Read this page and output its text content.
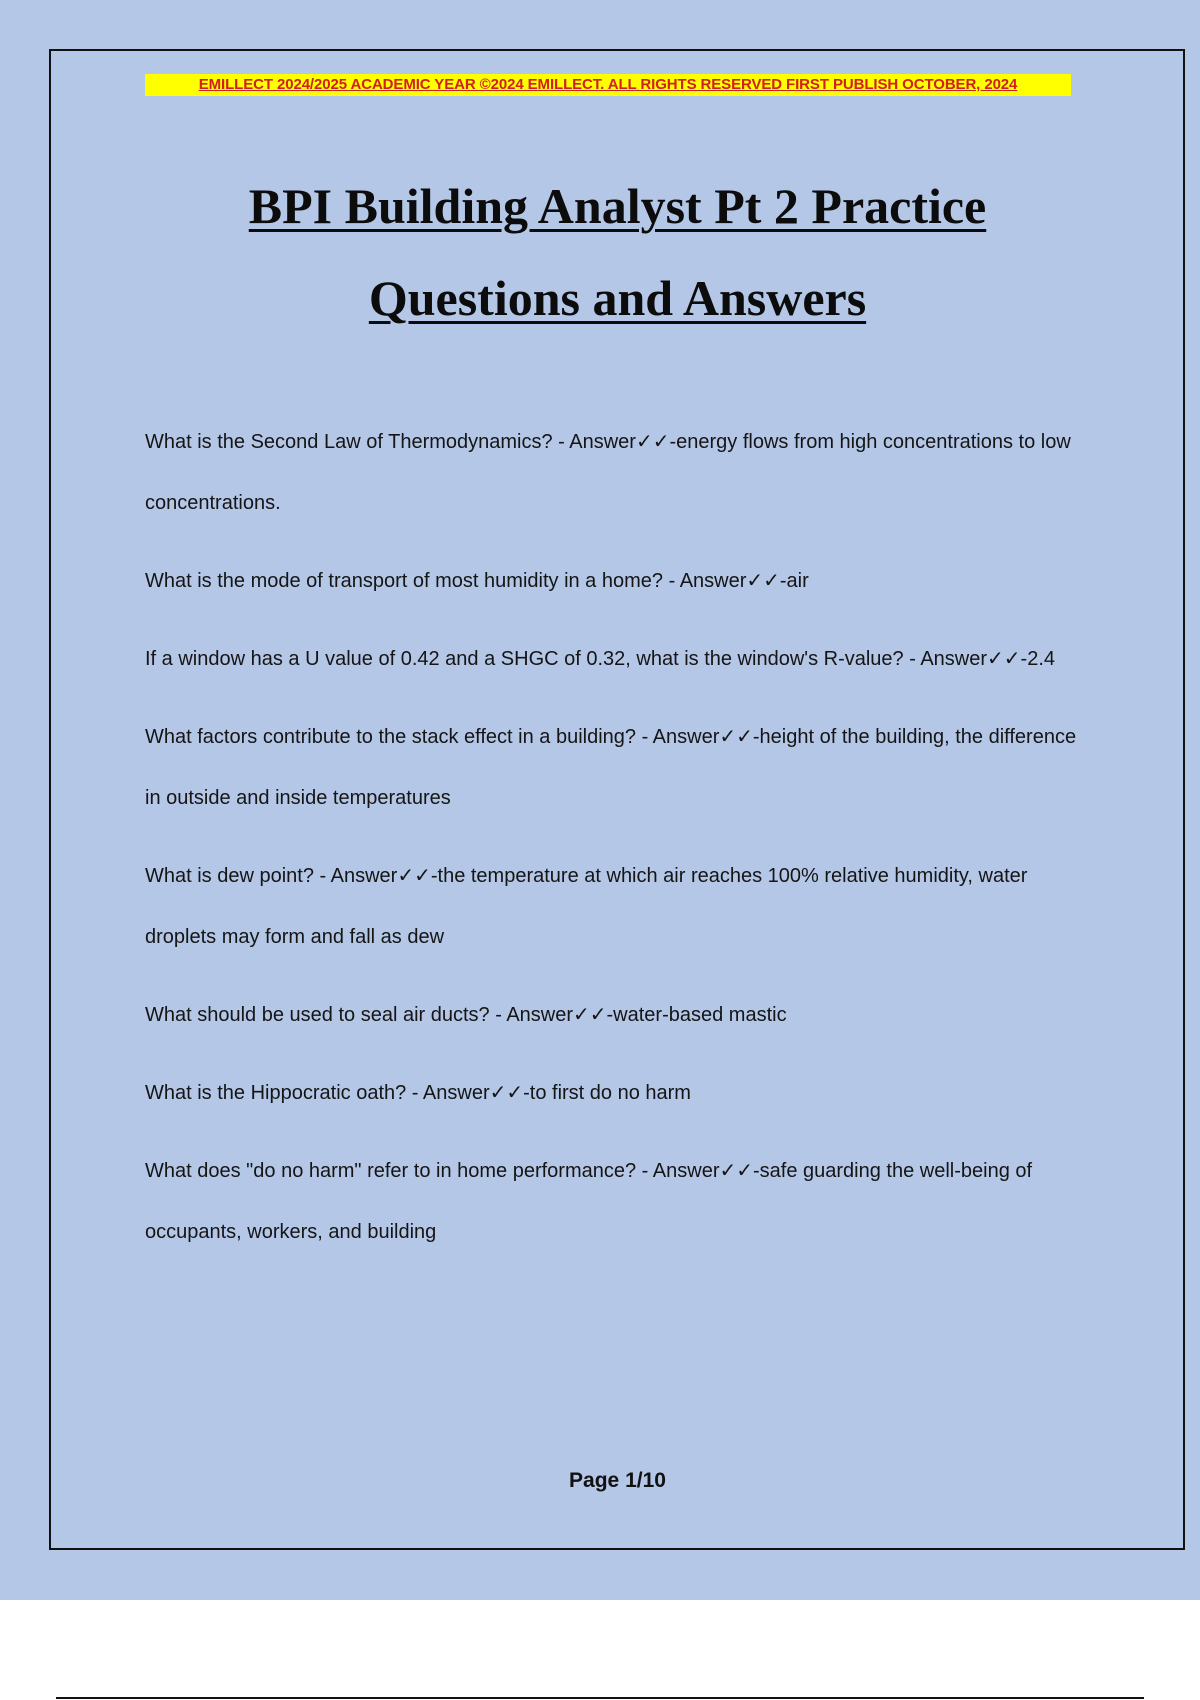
EMILLECT 2024/2025 ACADEMIC YEAR ©2024 EMILLECT. ALL RIGHTS RESERVED FIRST PUBLISH OCTOBER, 2024
BPI Building Analyst Pt 2 Practice
Questions and Answers
What is the Second Law of Thermodynamics? - Answer✓✓-energy flows from high concentrations to low concentrations.
What is the mode of transport of most humidity in a home? - Answer✓✓-air
If a window has a U value of 0.42 and a SHGC of 0.32, what is the window's R-value? - Answer✓✓-2.4
What factors contribute to the stack effect in a building? - Answer✓✓-height of the building, the difference in outside and inside temperatures
What is dew point? - Answer✓✓-the temperature at which air reaches 100% relative humidity, water droplets may form and fall as dew
What should be used to seal air ducts? - Answer✓✓-water-based mastic
What is the Hippocratic oath? - Answer✓✓-to first do no harm
What does "do no harm" refer to in home performance? - Answer✓✓-safe guarding the well-being of occupants, workers, and building
Page 1/10
